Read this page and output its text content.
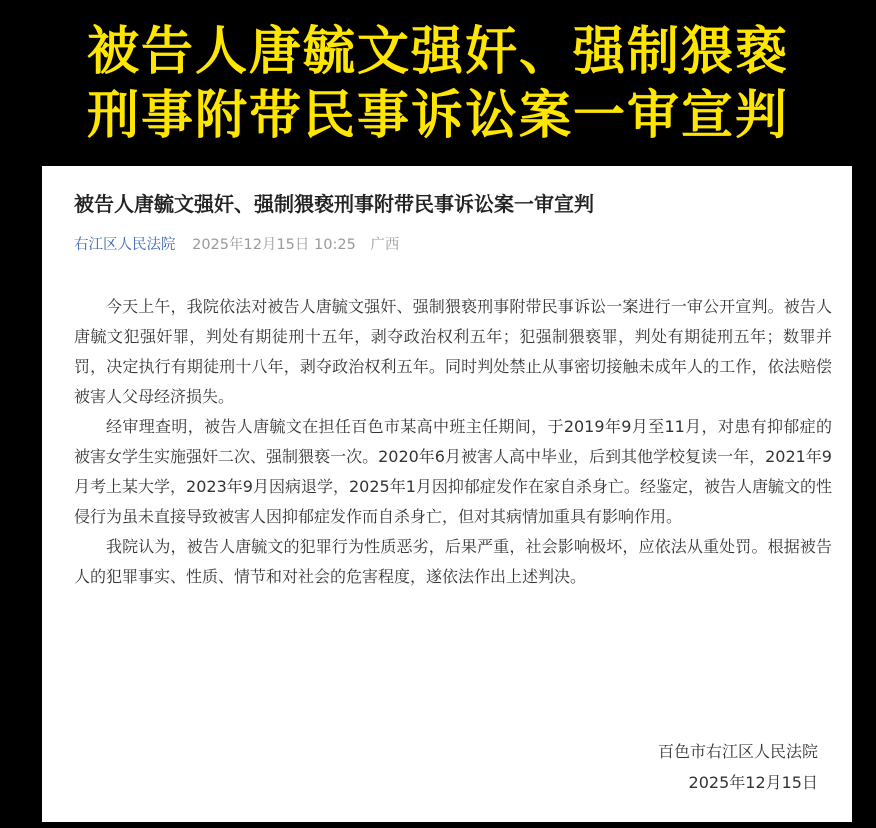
被告人唐毓文强奸、强制猥亵
刑事附带民事诉讼案一审宣判
被告人唐毓文强奸、强制猥亵刑事附带民事诉讼案一审宣判
右江区人民法院 2025年12月15日 10:25 广西

今天上午，我院依法对被告人唐毓文强奸、强制猥亵刑事附带民事诉讼一案进行一审公开宣判。被告人唐毓文犯强奸罪，判处有期徒刑十五年，剥夺政治权利五年；犯强制猥亵罪，判处有期徒刑五年；数罪并罚，决定执行有期徒刑十八年，剥夺政治权利五年。同时判处禁止从事密切接触未成年人的工作，依法赔偿被害人父母经济损失。

经审理查明，被告人唐毓文在担任百色市某高中班主任期间，于2019年9月至11月，对患有抑郁症的被害女学生实施强奸二次、强制猥亵一次。2020年6月被害人高中毕业，后到其他学校复读一年，2021年9月考上某大学，2023年9月因病退学，2025年1月因抑郁症发作在家自杀身亡。经鉴定，被告人唐毓文的性侵行为虽未直接导致被害人因抑郁症发作而自杀身亡，但对其病情加重具有影响作用。

我院认为，被告人唐毓文的犯罪行为性质恶劣，后果严重，社会影响极坏，应依法从重处罚。根据被告人的犯罪事实、性质、情节和对社会的危害程度，遂依法作出上述判决。

百色市右江区人民法院
2025年12月15日
